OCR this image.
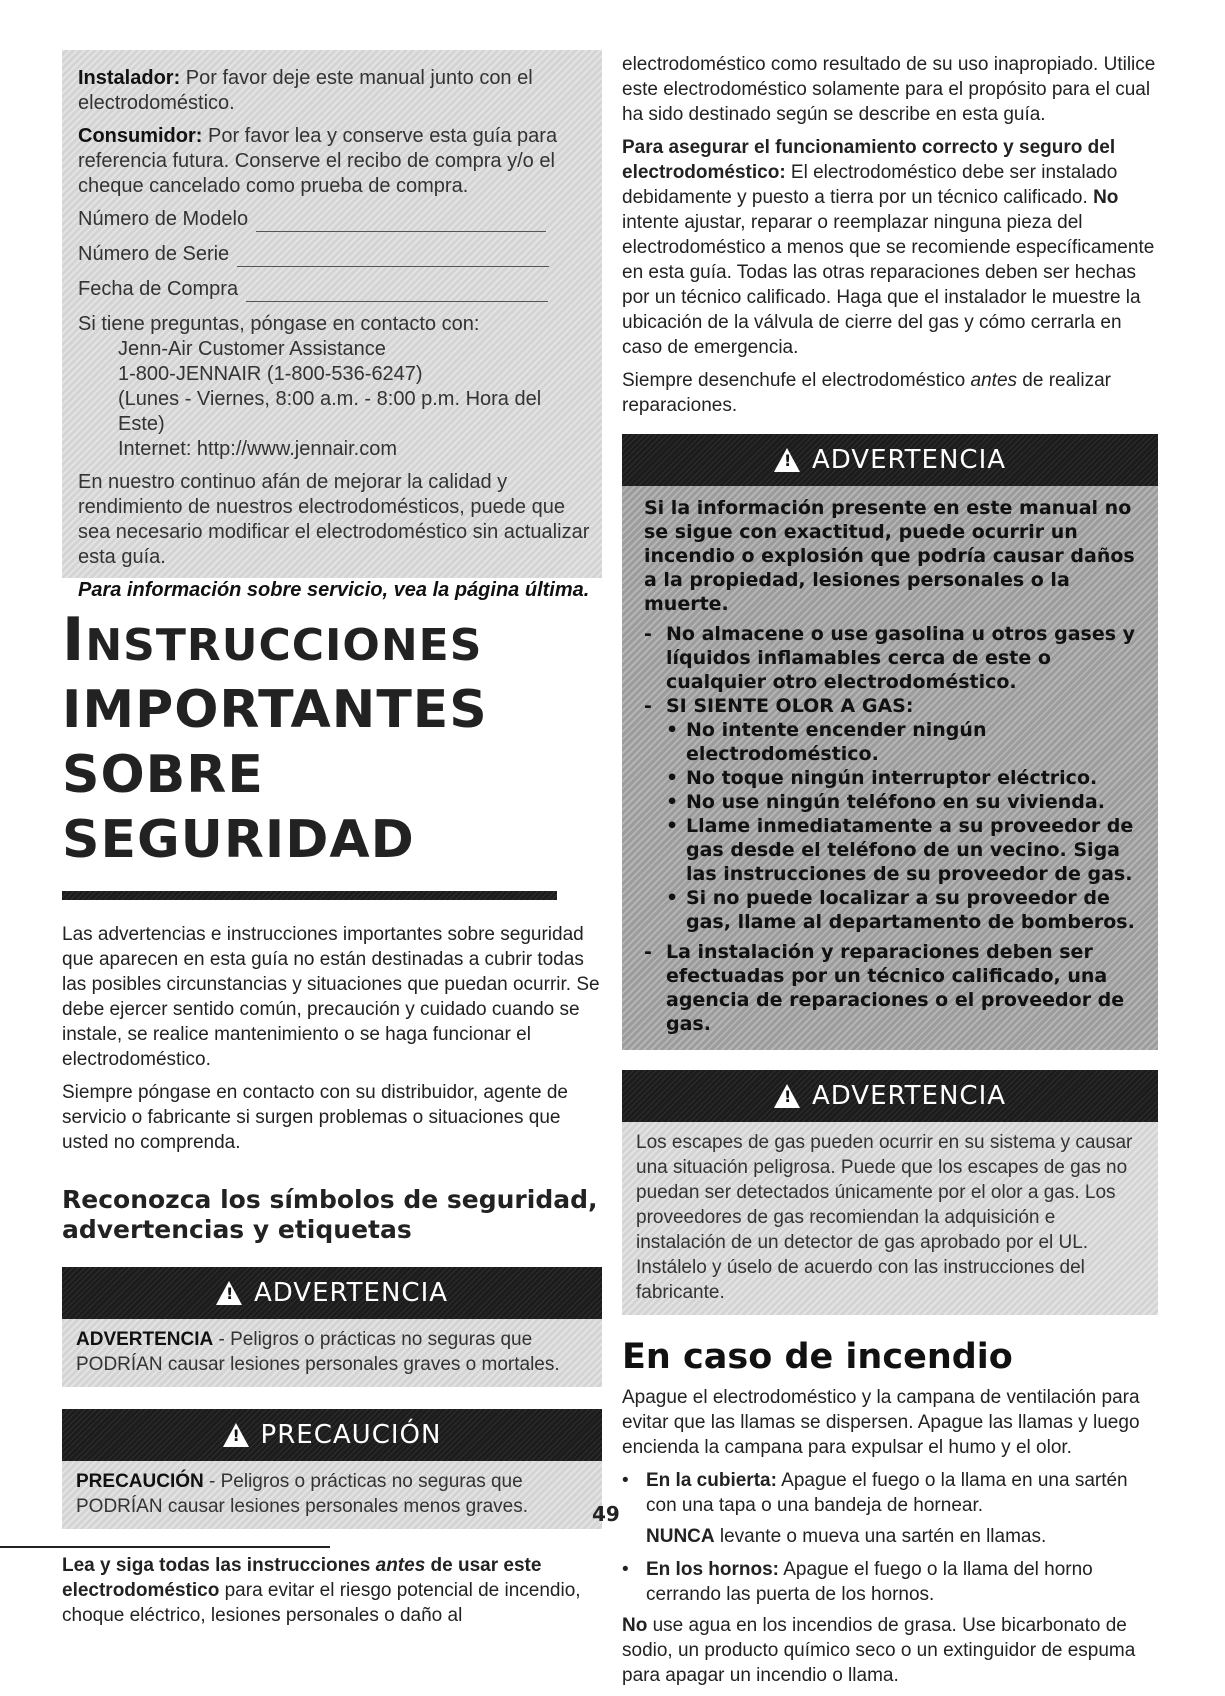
Instalador: Por favor deje este manual junto con el electrodoméstico.

Consumidor: Por favor lea y conserve esta guía para referencia futura. Conserve el recibo de compra y/o el cheque cancelado como prueba de compra.

Número de Modelo
Número de Serie
Fecha de Compra

Si tiene preguntas, póngase en contacto con:

Jenn-Air Customer Assistance
1-800-JENNAIR (1-800-536-6247)
(Lunes - Viernes, 8:00 a.m. - 8:00 p.m. Hora del Este)
Internet: http://www.jennair.com

En nuestro continuo afán de mejorar la calidad y rendimiento de nuestros electrodomésticos, puede que sea necesario modificar el electrodoméstico sin actualizar esta guía.

Para información sobre servicio, vea la página última.

INSTRUCCIONES
IMPORTANTES SOBRE
SEGURIDAD

Las advertencias e instrucciones importantes sobre seguridad que aparecen en esta guía no están destinadas a cubrir todas las posibles circunstancias y situaciones que puedan ocurrir. Se debe ejercer sentido común, precaución y cuidado cuando se instale, se realice mantenimiento o se haga funcionar el electrodoméstico.

Siempre póngase en contacto con su distribuidor, agente de servicio o fabricante si surgen problemas o situaciones que usted no comprenda.

Reconozca los símbolos de seguridad, advertencias y etiquetas
! ADVERTENCIA
ADVERTENCIA - Peligros o prácticas no seguras que PODRÍAN causar lesiones personales graves o mortales.
! PRECAUCIÓN
PRECAUCIÓN - Peligros o prácticas no seguras que PODRÍAN causar lesiones personales menos graves.
Lea y siga todas las instrucciones antes de usar este electrodoméstico para evitar el riesgo potencial de incendio, choque eléctrico, lesiones personales o daño al

electrodoméstico como resultado de su uso inapropiado. Utilice este electrodoméstico solamente para el propósito para el cual ha sido destinado según se describe en esta guía.

Para asegurar el funcionamiento correcto y seguro del electrodoméstico: El electrodoméstico debe ser instalado debidamente y puesto a tierra por un técnico calificado. No intente ajustar, reparar o reemplazar ninguna pieza del electrodoméstico a menos que se recomiende específicamente en esta guía. Todas las otras reparaciones deben ser hechas por un técnico calificado. Haga que el instalador le muestre la ubicación de la válvula de cierre del gas y cómo cerrarla en caso de emergencia.

Siempre desenchufe el electrodoméstico antes de realizar reparaciones.

! ADVERTENCIA
Si la información presente en este manual no se sigue con exactitud, puede ocurrir un incendio o explosión que podría causar daños a la propiedad, lesiones personales o la muerte.
- No almacene o use gasolina u otros gases y líquidos inflamables cerca de este o cualquier otro electrodoméstico.
- SI SIENTE OLOR A GAS:
• No intente encender ningún electrodoméstico.
• No toque ningún interruptor eléctrico.
• No use ningún teléfono en su vivienda.
• Llame inmediatamente a su proveedor de gas desde el teléfono de un vecino. Siga las instrucciones de su proveedor de gas.
• Si no puede localizar a su proveedor de gas, llame al departamento de bomberos.
- La instalación y reparaciones deben ser efectuadas por un técnico calificado, una agencia de reparaciones o el proveedor de gas.
! ADVERTENCIA
Los escapes de gas pueden ocurrir en su sistema y causar una situación peligrosa. Puede que los escapes de gas no puedan ser detectados únicamente por el olor a gas. Los proveedores de gas recomiendan la adquisición e instalación de un detector de gas aprobado por el UL. Instálelo y úselo de acuerdo con las instrucciones del fabricante.
En caso de incendio

Apague el electrodoméstico y la campana de ventilación para evitar que las llamas se dispersen. Apague las llamas y luego encienda la campana para expulsar el humo y el olor.

• En la cubierta: Apague el fuego o la llama en una sartén con una tapa o una bandeja de hornear.

NUNCA levante o mueva una sartén en llamas.

• En los hornos: Apague el fuego o la llama del horno cerrando las puerta de los hornos.

No use agua en los incendios de grasa. Use bicarbonato de sodio, un producto químico seco o un extinguidor de espuma para apagar un incendio o llama.

49
